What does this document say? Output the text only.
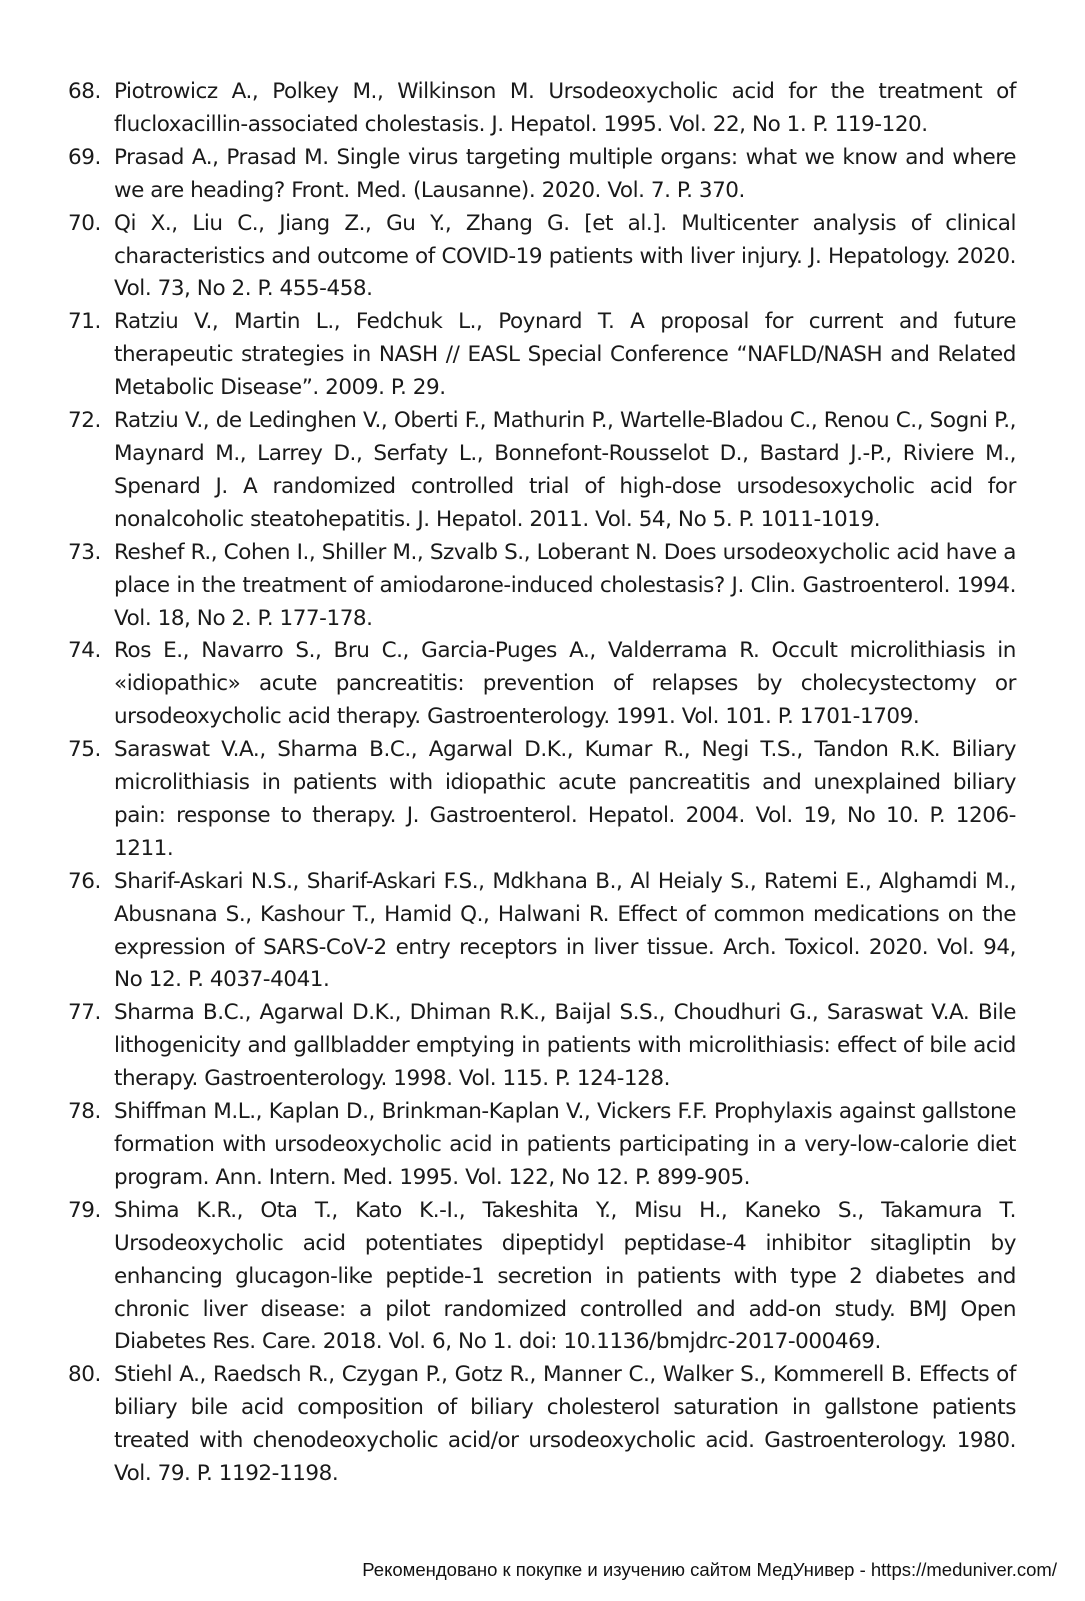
68. Piotrowicz A., Polkey M., Wilkinson M. Ursodeoxycholic acid for the treatment of flucloxacillin-associated cholestasis. J. Hepatol. 1995. Vol. 22, No 1. P. 119-120.
69. Prasad A., Prasad M. Single virus targeting multiple organs: what we know and where we are heading? Front. Med. (Lausanne). 2020. Vol. 7. P. 370.
70. Qi X., Liu C., Jiang Z., Gu Y., Zhang G. [et al.]. Multicenter analysis of clinical characteristics and outcome of COVID-19 patients with liver injury. J. Hepatology. 2020. Vol. 73, No 2. P. 455-458.
71. Ratziu V., Martin L., Fedchuk L., Poynard T. A proposal for current and future therapeutic strategies in NASH // EASL Special Conference “NAFLD/NASH and Related Metabolic Disease”. 2009. P. 29.
72. Ratziu V., de Ledinghen V., Oberti F., Mathurin P., Wartelle-Bladou C., Renou C., Sogni P., Maynard M., Larrey D., Serfaty L., Bonnefont-Rousselot D., Bastard J.-P., Riviere M., Spenard J. A randomized controlled trial of high-dose ursodesoxycholic acid for nonalcoholic steatohepatitis. J. Hepatol. 2011. Vol. 54, No 5. P. 1011-1019.
73. Reshef R., Cohen I., Shiller M., Szvalb S., Loberant N. Does ursodeoxycholic acid have a place in the treatment of amiodarone-induced cholestasis? J. Clin. Gastroenterol. 1994. Vol. 18, No 2. P. 177-178.
74. Ros E., Navarro S., Bru C., Garcia-Puges A., Valderrama R. Occult microlithiasis in «idiopathic» acute pancreatitis: prevention of relapses by cholecystectomy or ursodeoxycholic acid therapy. Gastroenterology. 1991. Vol. 101. P. 1701-1709.
75. Saraswat V.A., Sharma B.C., Agarwal D.K., Kumar R., Negi T.S., Tandon R.K. Biliary microlithiasis in patients with idiopathic acute pancreatitis and unexplained biliary pain: response to therapy. J. Gastroenterol. Hepatol. 2004. Vol. 19, No 10. P. 1206-1211.
76. Sharif-Askari N.S., Sharif-Askari F.S., Mdkhana B., Al Heialy S., Ratemi E., Alghamdi M., Abusnana S., Kashour T., Hamid Q., Halwani R. Effect of common medications on the expression of SARS-CoV-2 entry receptors in liver tissue. Arch. Toxicol. 2020. Vol. 94, No 12. P. 4037-4041.
77. Sharma B.C., Agarwal D.K., Dhiman R.K., Baijal S.S., Choudhuri G., Saraswat V.A. Bile lithogenicity and gallbladder emptying in patients with microlithiasis: effect of bile acid therapy. Gastroenterology. 1998. Vol. 115. P. 124-128.
78. Shiffman M.L., Kaplan D., Brinkman-Kaplan V., Vickers F.F. Prophylaxis against gallstone formation with ursodeoxycholic acid in patients participating in a very-low-calorie diet program. Ann. Intern. Med. 1995. Vol. 122, No 12. P. 899-905.
79. Shima K.R., Ota T., Kato K.-I., Takeshita Y., Misu H., Kaneko S., Takamura T. Ursodeoxycholic acid potentiates dipeptidyl peptidase-4 inhibitor sitagliptin by enhancing glucagon-like peptide-1 secretion in patients with type 2 diabetes and chronic liver disease: a pilot randomized controlled and add-on study. BMJ Open Diabetes Res. Care. 2018. Vol. 6, No 1. doi: 10.1136/bmjdrc-2017-000469.
80. Stiehl A., Raedsch R., Czygan P., Gotz R., Manner C., Walker S., Kommerell B. Effects of biliary bile acid composition of biliary cholesterol saturation in gallstone patients treated with chenodeoxycholic acid/or ursodeoxycholic acid. Gastroenterology. 1980. Vol. 79. P. 1192-1198.
Рекомендовано к покупке и изучению сайтом МедУнивер - https://meduniver.com/
